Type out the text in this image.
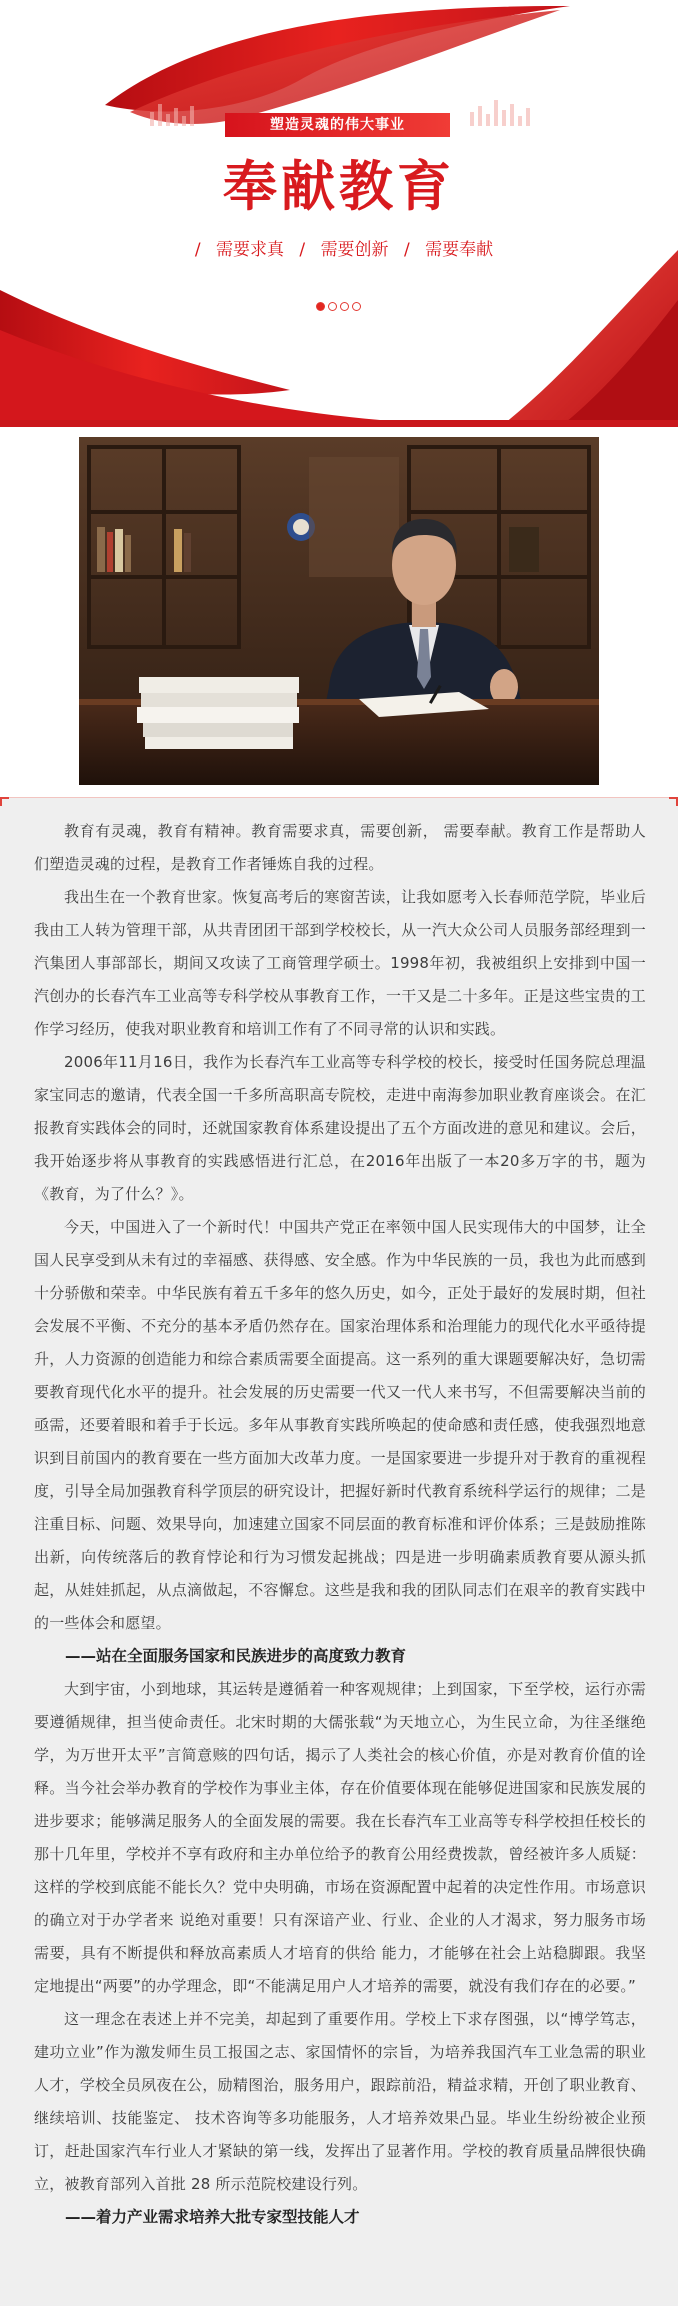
塑造灵魂的伟大事业
奉献教育
/ 需要求真 / 需要创新 / 需要奉献

教育有灵魂，教育有精神。教育需要求真，需要创新， 需要奉献。教育工作是帮助人们塑造灵魂的过程，是教育工作者锤炼自我的过程。

我出生在一个教育世家。恢复高考后的寒窗苦读，让我如愿考入长春师范学院，毕业后我由工人转为管理干部，从共青团团干部到学校校长，从一汽大众公司人员服务部经理到一汽集团人事部部长，期间又攻读了工商管理学硕士。1998年初，我被组织上安排到中国一汽创办的长春汽车工业高等专科学校从事教育工作，一干又是二十多年。正是这些宝贵的工作学习经历，使我对职业教育和培训工作有了不同寻常的认识和实践。

2006年11月16日，我作为长春汽车工业高等专科学校的校长，接受时任国务院总理温家宝同志的邀请，代表全国一千多所高职高专院校，走进中南海参加职业教育座谈会。在汇报教育实践体会的同时，还就国家教育体系建设提出了五个方面改进的意见和建议。会后，我开始逐步将从事教育的实践感悟进行汇总，在2016年出版了一本20多万字的书，题为《教育，为了什么？》。

今天，中国进入了一个新时代！中国共产党正在率领中国人民实现伟大的中国梦，让全国人民享受到从未有过的幸福感、获得感、安全感。作为中华民族的一员，我也为此而感到十分骄傲和荣幸。中华民族有着五千多年的悠久历史，如今，正处于最好的发展时期，但社会发展不平衡、不充分的基本矛盾仍然存在。国家治理体系和治理能力的现代化水平亟待提升，人力资源的创造能力和综合素质需要全面提高。这一系列的重大课题要解决好，急切需要教育现代化水平的提升。社会发展的历史需要一代又一代人来书写，不但需要解决当前的亟需，还要着眼和着手于长远。多年从事教育实践所唤起的使命感和责任感，使我强烈地意识到目前国内的教育要在一些方面加大改革力度。一是国家要进一步提升对于教育的重视程 度，引导全局加强教育科学顶层的研究设计，把握好新时代教育系统科学运行的规律；二是注重目标、问题、效果导向，加速建立国家不同层面的教育标准和评价体系；三是鼓励推陈出新，向传统落后的教育悖论和行为习惯发起挑战；四是进一步明确素质教育要从源头抓起，从娃娃抓起，从点滴做起，不容懈怠。这些是我和我的团队同志们在艰辛的教育实践中的一些体会和愿望。

——站在全面服务国家和民族进步的高度致力教育

大到宇宙，小到地球，其运转是遵循着一种客观规律；上到国家，下至学校，运行亦需要遵循规律，担当使命责任。北宋时期的大儒张载“为天地立心，为生民立命，为往圣继绝学，为万世开太平”言简意赅的四句话，揭示了人类社会的核心价值，亦是对教育价值的诠释。当今社会举办教育的学校作为事业主体，存在价值要体现在能够促进国家和民族发展的进步要求；能够满足服务人的全面发展的需要。我在长春汽车工业高等专科学校担任校长的那十几年里，学校并不享有政府和主办单位给予的教育公用经费拨款，曾经被许多人质疑：这样的学校到底能不能长久？党中央明确，市场在资源配置中起着的决定性作用。市场意识的确立对于办学者来 说绝对重要！只有深谙产业、行业、企业的人才渴求，努力服务市场需要，具有不断提供和释放高素质人才培育的供给 能力，才能够在社会上站稳脚跟。我坚定地提出“两要”的办学理念，即“不能满足用户人才培养的需要，就没有我们存在的必要。”

这一理念在表述上并不完美，却起到了重要作用。学校上下求存图强，以“博学笃志，建功立业”作为激发师生员工报国之志、家国情怀的宗旨，为培养我国汽车工业急需的职业人才，学校全员夙夜在公，励精图治，服务用户，跟踪前沿，精益求精，开创了职业教育、继续培训、技能鉴定、 技术咨询等多功能服务，人才培养效果凸显。毕业生纷纷被企业预订，赶赴国家汽车行业人才紧缺的第一线，发挥出了显著作用。学校的教育质量品牌很快确立，被教育部列入首批 28 所示范院校建设行列。

——着力产业需求培养大批专家型技能人才
